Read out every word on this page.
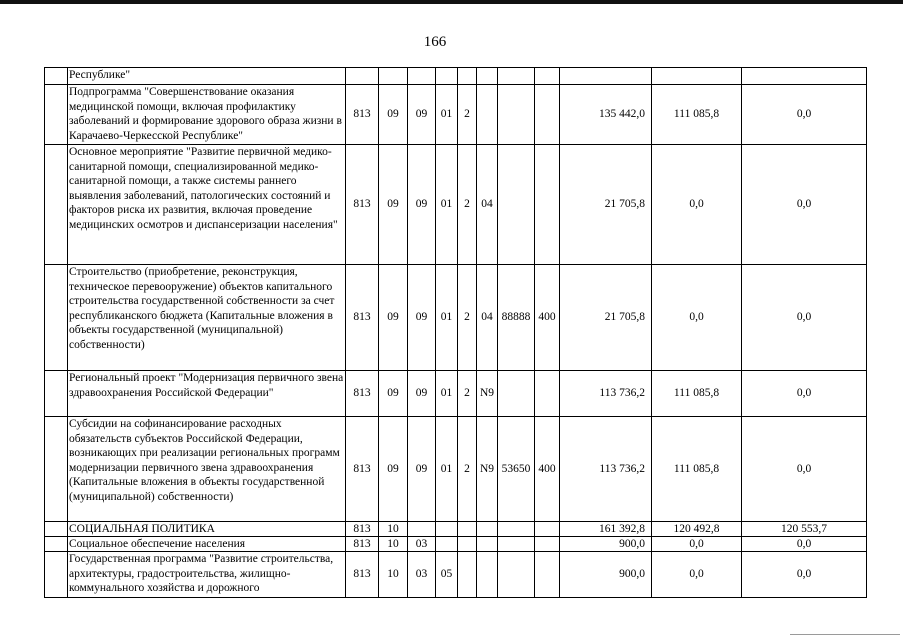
166
	Республике"											
	Подпрограмма "Совершенствование оказания медицинской помощи, включая профилактику заболеваний и формирование здорового образа жизни в Карачаево-Черкесской Республике"	813	09	09	01	2				135 442,0	111 085,8	0,0
	Основное мероприятие "Развитие первичной медико-санитарной помощи, специализированной медико-санитарной помощи, а также системы раннего выявления заболеваний, патологических состояний и факторов риска их развития, включая проведение медицинских осмотров и диспансеризации населения"	813	09	09	01	2	04			21 705,8	0,0	0,0
	Строительство (приобретение, реконструкция, техническое перевооружение) объектов капитального строительства государственной собственности за счет республиканского бюджета (Капитальные вложения в объекты государственной (муниципальной) собственности)	813	09	09	01	2	04	88888	400	21 705,8	0,0	0,0
	Региональный проект "Модернизация первичного звена здравоохранения Российской Федерации"	813	09	09	01	2	N9			113 736,2	111 085,8	0,0
	Субсидии на софинансирование расходных обязательств субъектов Российской Федерации, возникающих при реализации региональных программ модернизации первичного звена здравоохранения (Капитальные вложения в объекты государственной (муниципальной) собственности)	813	09	09	01	2	N9	53650	400	113 736,2	111 085,8	0,0
	СОЦИАЛЬНАЯ ПОЛИТИКА	813	10							161 392,8	120 492,8	120 553,7
	Социальное обеспечение населения	813	10	03						900,0	0,0	0,0
	Государственная программа "Развитие строительства, архитектуры, градостроительства, жилищно-коммунального хозяйства и дорожного	813	10	03	05					900,0	0,0	0,0
